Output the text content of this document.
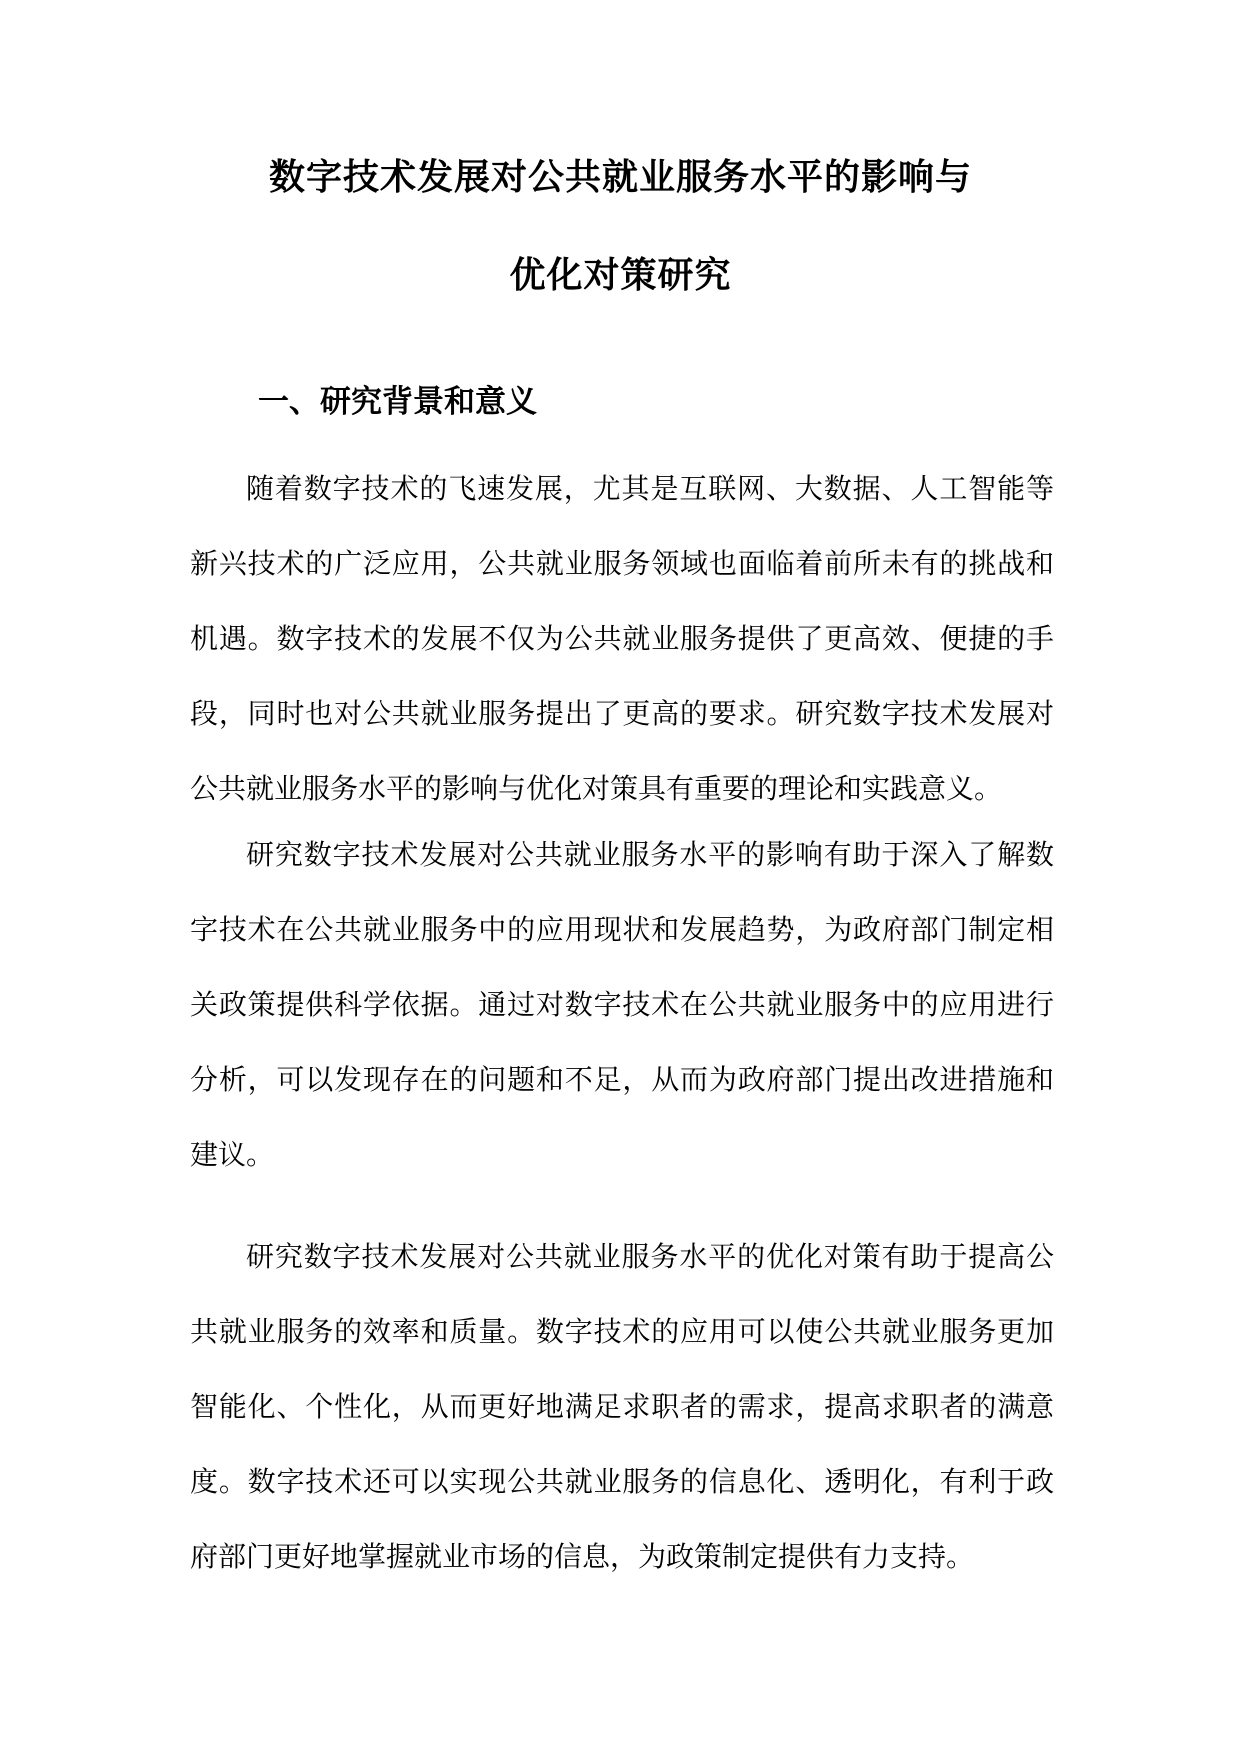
数字技术发展对公共就业服务水平的影响与
优化对策研究
一、研究背景和意义

随着数字技术的飞速发展，尤其是互联网、大数据、人工智能等新兴技术的广泛应用，公共就业服务领域也面临着前所未有的挑战和机遇。数字技术的发展不仅为公共就业服务提供了更高效、便捷的手段，同时也对公共就业服务提出了更高的要求。研究数字技术发展对公共就业服务水平的影响与优化对策具有重要的理论和实践意义。

研究数字技术发展对公共就业服务水平的影响有助于深入了解数字技术在公共就业服务中的应用现状和发展趋势，为政府部门制定相关政策提供科学依据。通过对数字技术在公共就业服务中的应用进行分析，可以发现存在的问题和不足，从而为政府部门提出改进措施和建议。

研究数字技术发展对公共就业服务水平的优化对策有助于提高公共就业服务的效率和质量。数字技术的应用可以使公共就业服务更加智能化、个性化，从而更好地满足求职者的需求，提高求职者的满意度。数字技术还可以实现公共就业服务的信息化、透明化，有利于政府部门更好地掌握就业市场的信息，为政策制定提供有力支持。
